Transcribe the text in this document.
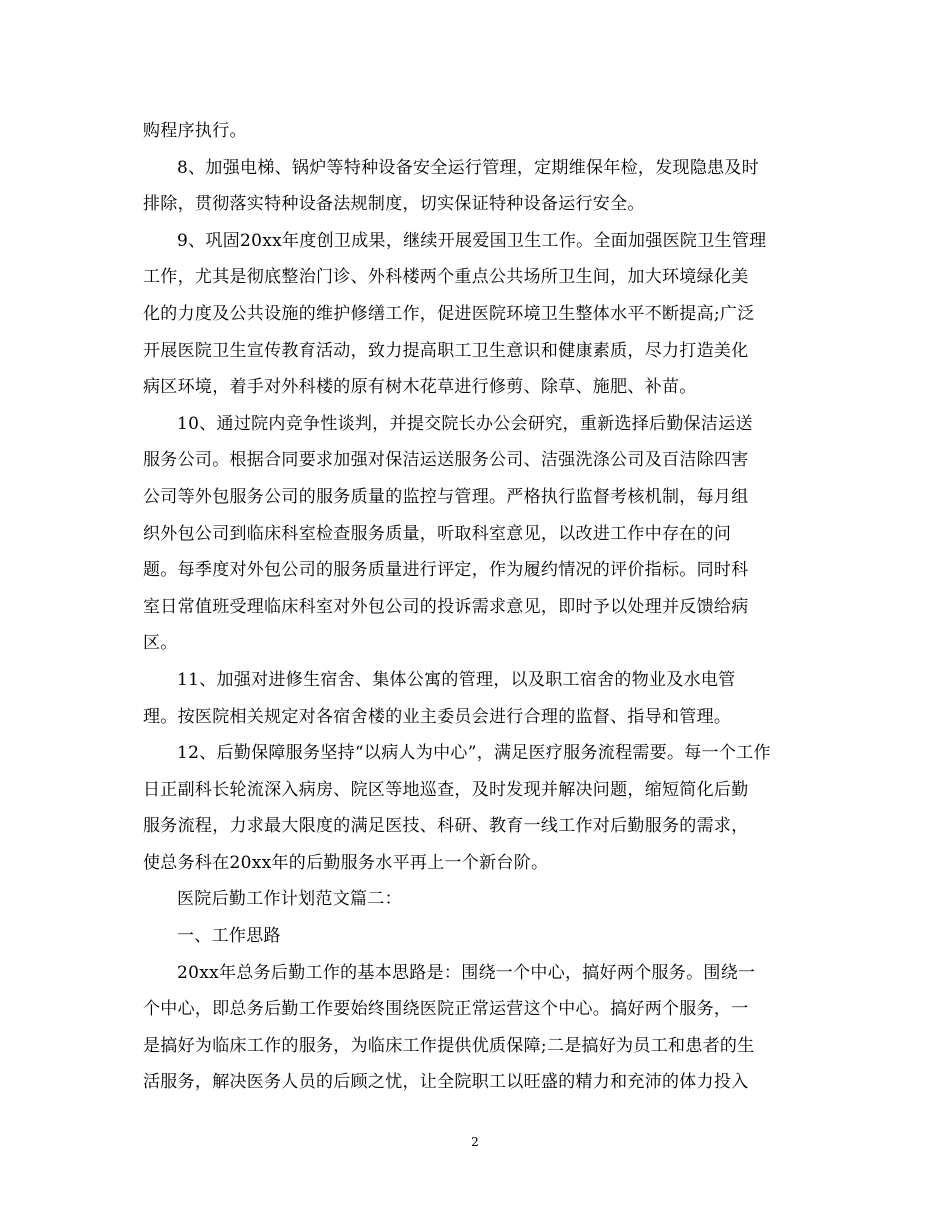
购程序执行。
8、加强电梯、锅炉等特种设备安全运行管理，定期维保年检，发现隐患及时
排除，贯彻落实特种设备法规制度，切实保证特种设备运行安全。
9、巩固20xx年度创卫成果，继续开展爱国卫生工作。全面加强医院卫生管理
工作，尤其是彻底整治门诊、外科楼两个重点公共场所卫生间，加大环境绿化美
化的力度及公共设施的维护修缮工作，促进医院环境卫生整体水平不断提高;广泛
开展医院卫生宣传教育活动，致力提高职工卫生意识和健康素质，尽力打造美化
病区环境，着手对外科楼的原有树木花草进行修剪、除草、施肥、补苗。
10、通过院内竞争性谈判，并提交院长办公会研究，重新选择后勤保洁运送
服务公司。根据合同要求加强对保洁运送服务公司、洁强洗涤公司及百洁除四害
公司等外包服务公司的服务质量的监控与管理。严格执行监督考核机制，每月组
织外包公司到临床科室检查服务质量，听取科室意见，以改进工作中存在的问
题。每季度对外包公司的服务质量进行评定，作为履约情况的评价指标。同时科
室日常值班受理临床科室对外包公司的投诉需求意见，即时予以处理并反馈给病
区。
11、加强对进修生宿舍、集体公寓的管理，以及职工宿舍的物业及水电管
理。按医院相关规定对各宿舍楼的业主委员会进行合理的监督、指导和管理。
12、后勤保障服务坚持“以病人为中心”，满足医疗服务流程需要。每一个工作
日正副科长轮流深入病房、院区等地巡查，及时发现并解决问题，缩短简化后勤
服务流程，力求最大限度的满足医技、科研、教育一线工作对后勤服务的需求，
使总务科在20xx年的后勤服务水平再上一个新台阶。
医院后勤工作计划范文篇二：
一、工作思路
20xx年总务后勤工作的基本思路是：围绕一个中心，搞好两个服务。围绕一
个中心，即总务后勤工作要始终围绕医院正常运营这个中心。搞好两个服务，一
是搞好为临床工作的服务，为临床工作提供优质保障;二是搞好为员工和患者的生
活服务，解决医务人员的后顾之忧，让全院职工以旺盛的精力和充沛的体力投入
2
